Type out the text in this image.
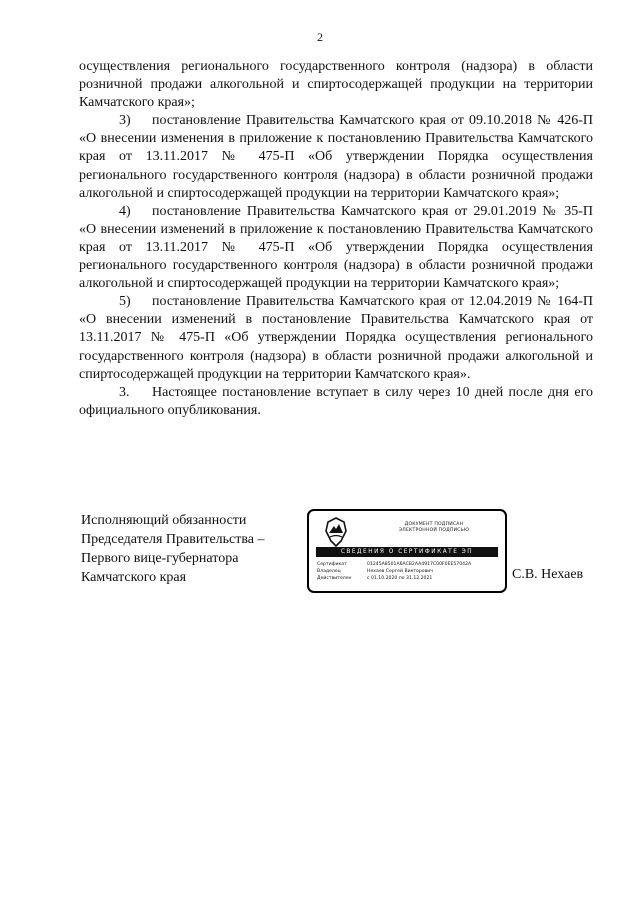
2

осуществления регионального государственного контроля (надзора) в области розничной продажи алкогольной и спиртосодержащей продукции на территории Камчатского края»;

3) постановление Правительства Камчатского края от 09.10.2018 № 426-П «О внесении изменения в приложение к постановлению Правительства Камчатского края от 13.11.2017 № 475-П «Об утверждении Порядка осуществления регионального государственного контроля (надзора) в области розничной продажи алкогольной и спиртосодержащей продукции на территории Камчатского края»;

4) постановление Правительства Камчатского края от 29.01.2019 № 35-П «О внесении изменений в приложение к постановлению Правительства Камчатского края от 13.11.2017 № 475-П «Об утверждении Порядка осуществления регионального государственного контроля (надзора) в области розничной продажи алкогольной и спиртосодержащей продукции на территории Камчатского края»;

5) постановление Правительства Камчатского края от 12.04.2019 № 164-П «О внесении изменений в постановление Правительства Камчатского края от 13.11.2017 № 475-П «Об утверждении Порядка осуществления регионального государственного контроля (надзора) в области розничной продажи алкогольной и спиртосодержащей продукции на территории Камчатского края».

3. Настоящее постановление вступает в силу через 10 дней после дня его официального опубликования.

Исполняющий обязанности
Председателя Правительства –
Первого вице-губернатора
Камчатского края
ДОКУМЕНТ ПОДПИСАН
ЭЛЕКТРОННОЙ ПОДПИСЬЮ
СВЕДЕНИЯ О СЕРТИФИКАТЕ ЭП
Сертификат	01245A8501A6ACB2AA4917C00F0EE57042A
Владелец	Нехаев Сергей Викторович
Действителен	с 01.10.2020 по 31.12.2021	С.В. Нехаев
